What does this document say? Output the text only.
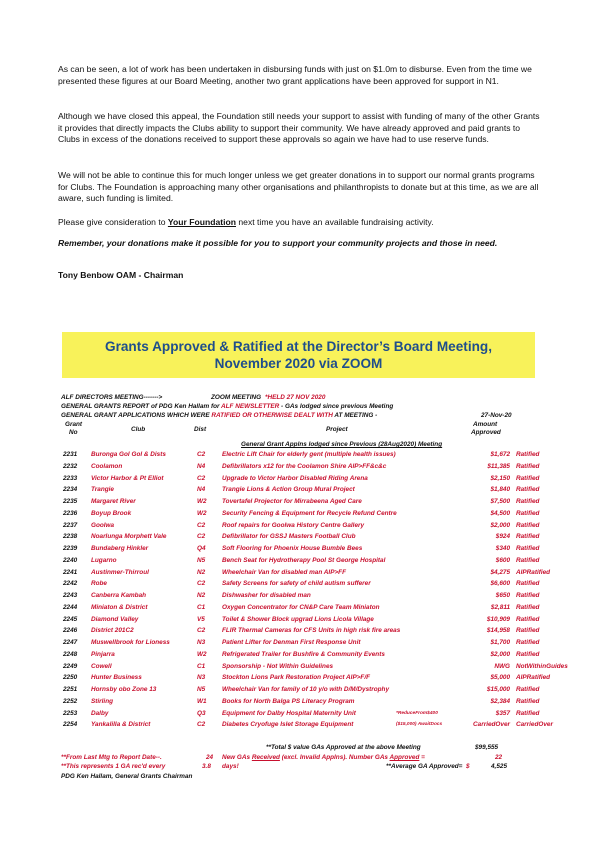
As can be seen, a lot of work has been undertaken in disbursing funds with just on $1.0m to disburse. Even from the time we presented these figures at our Board Meeting, another two grant applications have been approved for support in N1.

Although we have closed this appeal, the Foundation still needs your support to assist with funding of many of the other Grants it provides that directly impacts the Clubs ability to support their community. We have already approved and paid grants to Clubs in excess of the donations received to support these approvals so again we have had to use reserve funds.

We will not be able to continue this for much longer unless we get greater donations in to support our normal grants programs for Clubs. The Foundation is approaching many other organisations and philanthropists to donate but at this time, as we are all aware, such funding is limited.

Please give consideration to Your Foundation next time you have an available fundraising activity.

Remember, your donations make it possible for you to support your community projects and those in need.

Tony Benbow OAM - Chairman

Grants Approved & Ratified at the Director’s Board Meeting,
November 2020 via ZOOM
ALF DIRECTORS MEETING------->	ZOOM MEETING *HELD 27 NOV 2020
GENERAL GRANTS REPORT of PDG Ken Hallam for ALF NEWSLETTER - GAs lodged since previous Meeting
GENERAL GRANT APPLICATIONS WHICH WERE RATIFIED OR OTHERWISE DEALT WITH AT MEETING -	27-Nov-20
Grant
No	Club	Dist	Project
Amount
Approved
General Grant Applns lodged since Previous (28Aug2020) Meeting
2231 Buronga Gol Gol & Dists	C2	Electric Lift Chair for elderly gent (multiple health issues)	$1,672 Ratified
2232 Coolamon	N4	Defibrillators x12 for the Coolamon Shire AIP>FF&c&c	$11,385 Ratified
2233 Victor Harbor & Pt Elliot	C2	Upgrade to Victor Harbor Disabled Riding Arena	$2,150 Ratified
2234 Trangie	N4	Trangie Lions & Action Group Mural Project	$1,840 Ratified
2235 Margaret River	W2 Tovertafel Projector for Mirrabeena Aged Care	$7,500 Ratified
2236 Boyup Brook	W2 Security Fencing & Equipment for Recycle Refund Centre	$4,500 Ratified
2237 Goolwa	C2	Roof repairs for Goolwa History Centre Gallery	$2,000 Ratified
2238 Noarlunga Morphett Vale	C2	Defibrillator for GSSJ Masters Football Club	$924 Ratified
2239 Bundaberg Hinkler	Q4	Soft Flooring for Phoenix House Bumble Bees	$340 Ratified
2240 Lugarno	N5	Bench Seat for Hydrotherapy Pool St George Hospital	$600 Ratified
2241 Austinmer-Thirroul	N2	Wheelchair Van for disabled man AIP>FF	$4,275 AIPRatified
2242 Robe	C2	Safety Screens for safety of child autism sufferer	$6,600 Ratified
2243 Canberra Kambah	N2	Dishwasher for disabled man	$650 Ratified
2244 Miniaton & District	C1	Oxygen Concentrator for CN&P Care Team Miniaton	$2,811 Ratified
2245 Diamond Valley	V5	Toilet & Shower Block upgrad Lions Licola Village	$10,909 Ratified
2246 District 201C2	C2	FLIR Thermal Cameras for CFS Units in high risk fire areas	$14,958 Ratified
2247 Muswellbrook for Lioness	N3	Patient Lifter for Denman First Response Unit	$1,700 Ratified
2248 Pinjarra	W2 Refrigerated Trailer for Bushfire & Community Events	$2,000 Ratified
2249 Cowell	C1	Sponsorship - Not Within Guidelines	NWG NotWithinGuides
2250 Hunter Business	N3	Stockton Lions Park Restoration Project AIP>F/F	$5,000 AIPRatified
2251 Hornsby obo Zone 13	N5	Wheelchair Van for family of 10 y/o with D/M/Dystrophy	$15,000 Ratified
2252 Stirling	W1 Books for North Balga PS Literacy Program	$2,384 Ratified
2253 Dalby	Q3	Equipment for Dalby Hospital Maternity Unit	$357 Ratified
*ReduceFrom$400
2254 Yankalilla & District	C2	Diabetes Cryofuge Islet Storage Equipment	CarriedOver CarriedOver
($15,000) AwaitDocs
**Total $ value GAs Approved at the above Meeting	$99,555
**From Last Mtg to Report Date--.	24 New GAs Received (excl. Invalid Applns). Number GAs Approved =	22
**This represents 1 GA rec'd every	3.8 days!	**Average GA Approved= $	4,525
PDG Ken Hallam, General Grants Chairman
